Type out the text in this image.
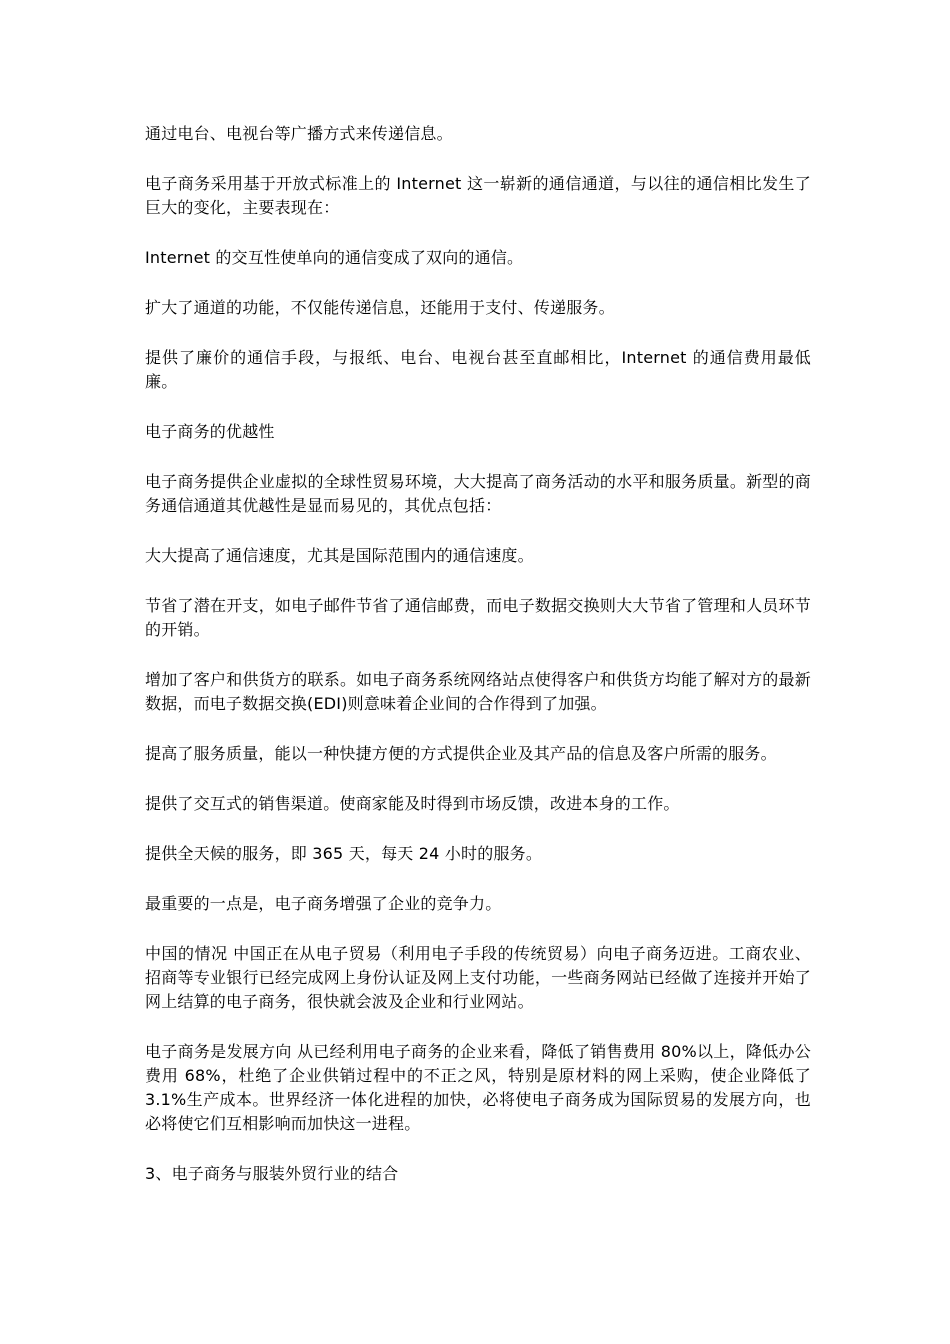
通过电台、电视台等广播方式来传递信息。

电子商务采用基于开放式标准上的 Internet 这一崭新的通信通道，与以往的通信相比发生了巨大的变化，主要表现在：

Internet 的交互性使单向的通信变成了双向的通信。

扩大了通道的功能，不仅能传递信息，还能用于支付、传递服务。

提供了廉价的通信手段，与报纸、电台、电视台甚至直邮相比，Internet 的通信费用最低廉。

电子商务的优越性

电子商务提供企业虚拟的全球性贸易环境，大大提高了商务活动的水平和服务质量。新型的商务通信通道其优越性是显而易见的，其优点包括：

大大提高了通信速度，尤其是国际范围内的通信速度。

节省了潜在开支，如电子邮件节省了通信邮费，而电子数据交换则大大节省了管理和人员环节的开销。

增加了客户和供货方的联系。如电子商务系统网络站点使得客户和供货方均能了解对方的最新数据，而电子数据交换(EDI)则意味着企业间的合作得到了加强。

提高了服务质量，能以一种快捷方便的方式提供企业及其产品的信息及客户所需的服务。

提供了交互式的销售渠道。使商家能及时得到市场反馈，改进本身的工作。

提供全天候的服务，即 365 天，每天 24 小时的服务。

最重要的一点是，电子商务增强了企业的竞争力。

中国的情况 中国正在从电子贸易（利用电子手段的传统贸易）向电子商务迈进。工商农业、招商等专业银行已经完成网上身份认证及网上支付功能，一些商务网站已经做了连接并开始了网上结算的电子商务，很快就会波及企业和行业网站。

电子商务是发展方向 从已经利用电子商务的企业来看，降低了销售费用 80%以上，降低办公费用 68%，杜绝了企业供销过程中的不正之风，特别是原材料的网上采购，使企业降低了 3.1%生产成本。世界经济一体化进程的加快，必将使电子商务成为国际贸易的发展方向，也必将使它们互相影响而加快这一进程。

3、电子商务与服装外贸行业的结合
